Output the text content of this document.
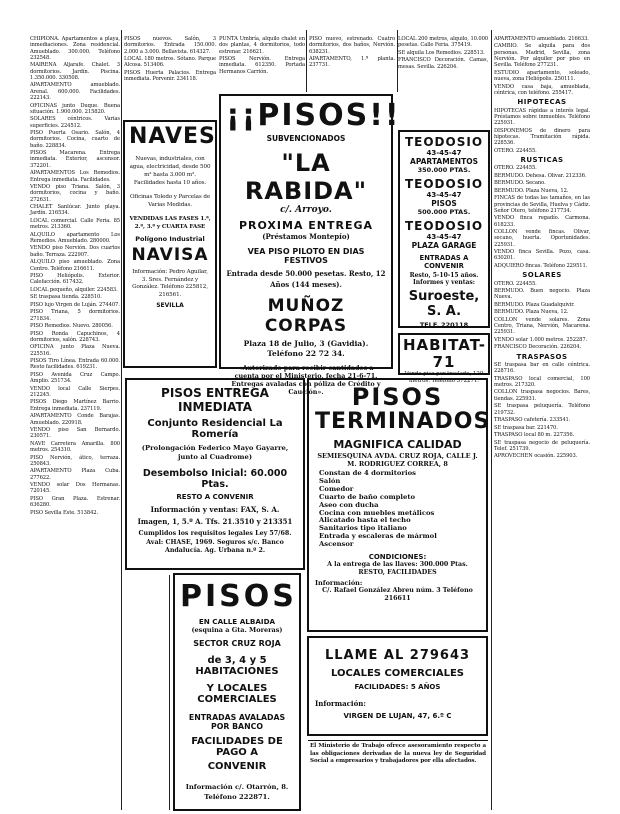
CHIPIONA. Apartamentos a playa, inmediaciones. Zona residencial. Amueblado. 300.000. Teléfono 232548.

MAIRENA Aljarafe. Chalet. 3 dormitorios. Jardín. Piscina. 1.350.000. 330508.

APARTAMENTO amueblado. Arenal. 600.000. Facilidades. 222143.

OFICINAS junto Duque. Buena situación. 1.900.000. 215820.

SOLARES céntricos. Varias superficies. 224512.

PISO Puerta Osario. Salón, 4 dormitorios. Cocina, cuarto de baño. 228834.

PISOS Macarena. Entrega inmediata. Exterior, ascensor. 372201.

APARTAMENTOS Los Remedios. Entrega inmediata. Facilidades.

VENDO piso Triana. Salón, 3 dormitorios, cocina y baño. 272631.

CHALET Sanlúcar. Junto playa. Jardín. 216534.

LOCAL comercial. Calle Feria. 85 metros. 213360.

ALQUILO apartamento Los Remedios. Amueblado. 280000.

VENDO piso Nervión. Dos cuartos baño. Terraza. 222907.

ALQUILO piso amueblado. Zona Centro. Teléfono 216611.

PISO Heliópolis. Exterior. Calefacción. 617432.

LOCAL pequeño, alquiler. 224583.

SE traspasa tienda. 228510.

PISO lujo Virgen de Luján. 274407.

PISO Triana, 5 dormitorios. 271834.

PISO Remedios. Nuevo. 280056.

PISO Ronda Capuchinos, 4 dormitorios, salón. 228743.

OFICINA junto Plaza Nueva. 225516.

PISOS Tiro Línea. Entrada 60.000. Resto facilidades. 619231.

PISO Avenida Cruz Campo. Amplio. 251734.

VENDO local Calle Sierpes. 212245.

PISOS Diego Martínez Barrio. Entrega inmediata. 237119.

APARTAMENTO Conde Barajas. Amueblado. 220918.

VENDO piso San Bernardo. 230571.

NAVE Carretera Amarilla. 800 metros. 254310.

PISO Nervión, ático, terraza. 250843.

APARTAMENTO Plaza Cuba. 277622.

VENDO solar Dos Hermanas. 720145.

PISO Gran Plaza. Estrenar. 636280.

PISO Sevilla Este. 513842.

PISOS nuevos. Salón, 3 dormitorios. Entrada 150.000. 2.000 a 3.000. Bellavista. 614327.

LOCAL 180 metros. Sótano. Parque Alcosa. 513406.

PISOS Huerta Palacios. Entrega inmediata. Porvenir. 234118.

NAVES
Nuevas, industriales, con agua, electricidad, desde 500 m² hasta 3.000 m². Facilidades hasta 10 años.
Oficinas Toledo y Parcelas de Varias Medidas.
VENDIDAS LAS FASES 1.ª, 2.ª, 3.ª y CUARTA FASE
Polígono Industrial
NAVISA
Información: Pedro Aguilar, 3. Sres. Fernández y González. Teléfono 225812, 216561.
SEVILLA

PUNTA Umbría, alquilo chalet en dos plantas, 4 dormitorios, todo estrenar. 216621.

PISOS Nervión. Entrega inmediata. 612350. Portada Hermanos Carrión.

PISO nuevo, estrenado. Cuatro dormitorios, dos baños, Nervión. 638231.

APARTAMENTO, 1.ª planta. 237731.

¡¡PISOS!!
SUBVENCIONADOS
"LA RABIDA"
c/. Arroyo.
PROXIMA ENTREGA
(Préstamos Montepío)
VEA PISO PILOTO EN DIAS FESTIVOS
Entrada desde 50.000 pesetas. Resto, 12 Años (144 meses).
MUÑOZ CORPAS
Plaza 18 de Julio, 3 (Gavidia). Teléfono 22 72 34.
«Autorizado para recibir cantidades a cuenta por el Ministerio, fecha 21-6-71. Entregas avaladas con póliza de Crédito y Caución».

LOCAL 200 metros, alquilo, 10.000 pesetas. Calle Feria. 375419.

SE alquila Los Remedios. 228513.

FRANCISCO Decoración. Camas, mesas. Sevilla. 226204.

TEODOSIO
43-45-47
APARTAMENTOS
350.000 PTAS.
TEODOSIO
43-45-47
PISOS
500.000 PTAS.
TEODOSIO
43-45-47
PLAZA GARAGE
ENTRADAS A CONVENIR
Resto, 5-10-15 años. Informes y ventas:
Suroeste, S. A.
TELF. 220118
HABITAT-71
Vendo piso por traslado, 120 metros. Teléfono 372271.

APARTAMENTO amueblado. 216633.

CAMBIO. Se alquila para dos personas. Madrid, Sevilla, zona Nervión. Por alquiler por piso en Sevilla. Teléfono 277231.

ESTUDIO apartamento, soleado, nueva, zona Heliópolis. 250111.

VENDO casa baja, amueblada, céntrica, con teléfono. 255417.

HIPOTECAS

HIPOTECAS rápidas a interés legal. Préstamos sobre inmuebles. Teléfono 225931.

DISPONEMOS de dinero para hipotecas. Tramitación rápida. 228536.

OTERO. 224455.

RUSTICAS

OTERO. 224455.

BERMUDO. Dehesa. Olivar. 212336.

BERMUDO. Secano.

BERMUDO. Plaza Nueva, 12.

FINCAS de todas las tamaños, en las provincias de Sevilla, Huelva y Cádiz. Señor Otero, teléfono 217734.

VENDO finca regadío. Carmona. 618233.

COLLON vende fincas. Olivar, secano, huerta. Oportunidades. 225931.

VENDO finca Sevilla. Pozo, casa. 630201.

ADQUIERO fincas. Teléfono 229511.

SOLARES

OTERO. 224455.

BERMUDO. Buen negocio. Plaza Nueva.

BERMUDO. Plaza Guadalquivir.

BERMUDO. Plaza Nueva, 12.

COLLON vende solares. Zona Centro, Triana, Nervión, Macarena. 225931.

VENDO solar 1.000 metros. 252287.

FRANCISCO Decoración. 226204.

TRASPASOS

SE traspasa bar en calle céntrica. 228716.

TRASPASO local comercial, 100 metros. 217320.

COLLON traspasa negocios. Bares, tiendas. 225931.

SE traspasa peluquería. Teléfono 219732.

TRASPASO cafetería. 233541.

SE traspasa bar. 221470.

TRASPASO local 80 m. 227356.

SE traspasa negocio de peluquería. Telef. 251739.

APROVECHEN ocasión. 225903.

PISOS ENTREGA INMEDIATA
Conjunto Residencial La Romería
(Prolongación Federico Mayo Gayarre, junto al Cuadrome)
Desembolso Inicial: 60.000 Ptas.
RESTO A CONVENIR
Información y ventas: FAX, S. A.
Imagen, 1, 5.º A. Tfs. 21.3510 y 213351
Cumplidos los requisitos legales Ley 57/68. Aval: CHASE, 1969. Seguros s/c. Banco Andalucía. Ag. Urbana n.º 2.
PISOS
EN CALLE ALBAIDA
(esquina a Gta. Moreras)
SECTOR CRUZ ROJA
de 3, 4 y 5 HABITACIONES
Y LOCALES COMERCIALES
ENTRADAS AVALADAS POR BANCO
FACILIDADES DE PAGO A
CONVENIR
Información c/. Otarrón, 8. Teléfono 222871.
PISOS
TERMINADOS
MAGNIFICA CALIDAD
SEMIESQUINA AVDA. CRUZ ROJA, CALLE J. M. RODRIGUEZ CORREA, 8
Constan de 4 dormitorios
Salón
Comedor
Cuarto de baño completo
Aseo con ducha
Cocina con muebles metálicos
Alicatado hasta el techo
Sanitarios tipo italiano
Entrada y escaleras de mármol
Ascensor
CONDICIONES:
A la entrega de las llaves: 300.000 Ptas. RESTO, FACILIDADES
Información:
C/. Rafael González Abreu núm. 3 Teléfono 216611
LLAME AL 279643
LOCALES COMERCIALES
FACILIDADES: 5 AÑOS
Información:
VIRGEN DE LUJAN, 47, 6.º C
El Ministerio de Trabajo ofrece asesoramiento respecto a las obligaciones derivadas de la nueva ley de Seguridad Social a empresarios y trabajadores por ella afectados.
